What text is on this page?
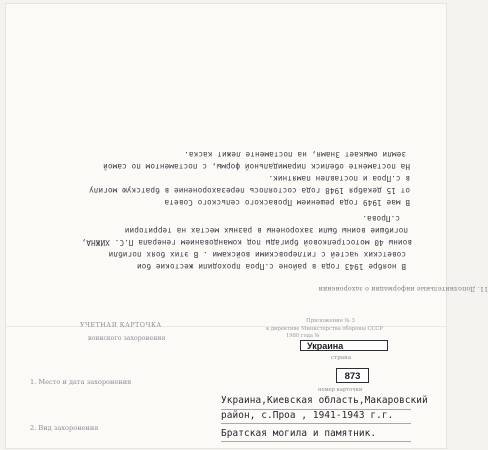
11. Дополнительные информации о захоронении
В ноябре 1943 года в районе с.Проа проходили жестокие бои
советских частей с гитлеровскими войсками . В этих боях погибли
воины 40 мотострелковой бригады под командованием генерала П.С. ХИЖНА,
погибшие воины были захоронены в разных местах на территории
с.Прова.
В мае 1949 года решением Проваского сельского Совета
от 15 декабря 1948 года состоялось перезахоронение в братскую могилу
в с.Проа и поставлен памятник.
На постаменте обелиск пирамидальной формы, с постаментом по самой
земли омыкает Знамя, на постаменте лежит каска.
УЧЕТНАЯ КАРТОЧКА
воинского захоронения
Приложение № 3
к директиве Министерства обороны СССР
1980 года №
Украина
страна
873
номер карточки
1. Место и дата захоронения
Украина,Киевская область,Макаровский
район, с.Проа , 1941-1943 г.г.
2. Вид захоронения	Братская могила и памятник.
